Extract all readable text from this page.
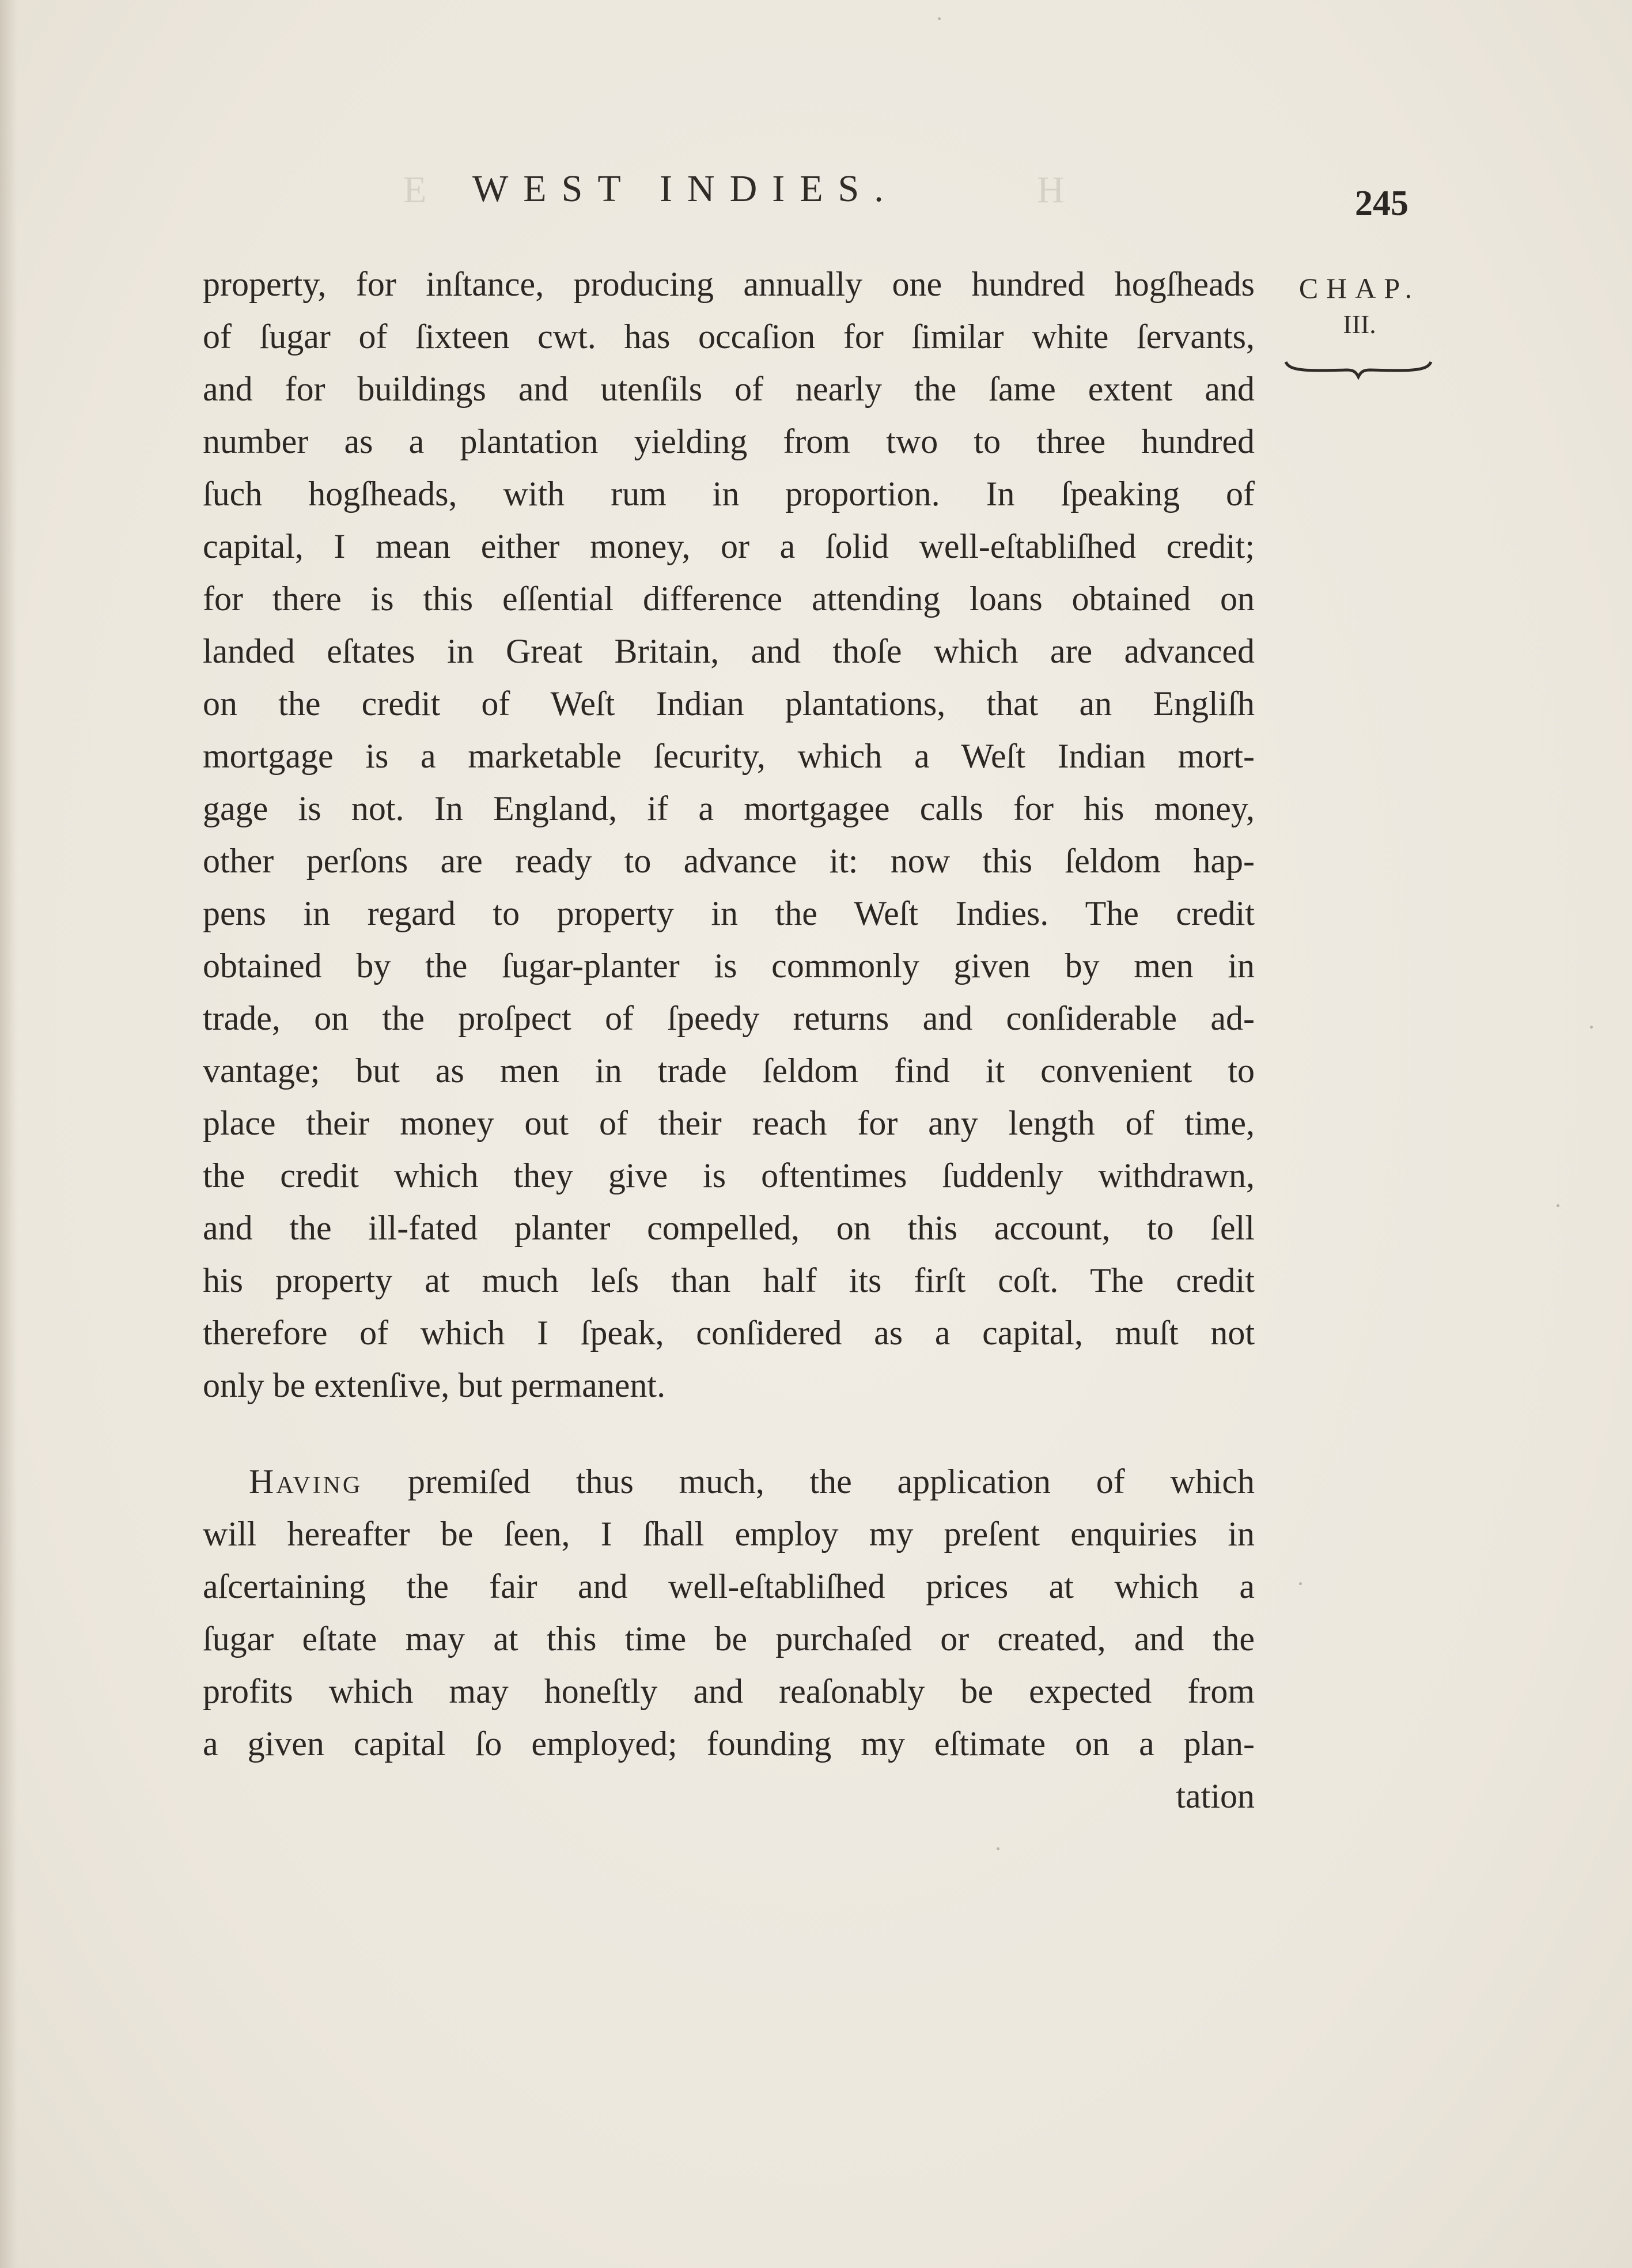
E	H
WEST INDIES.	245
CHAP.
III.
property, for inſtance, producing annually one hundred hogſheads
of ſugar of ſixteen cwt. has occaſion for ſimilar white ſervants,
and for buildings and utenſils of nearly the ſame extent and
number as a plantation yielding from two to three hundred
ſuch hogſheads, with rum in proportion. In ſpeaking of
capital, I mean either money, or a ſolid well-eſtabliſhed credit;
for there is this eſſential difference attending loans obtained on
landed eſtates in Great Britain, and thoſe which are advanced
on the credit of Weſt Indian plantations, that an Engliſh
mortgage is a marketable ſecurity, which a Weſt Indian mort-
gage is not. In England, if a mortgagee calls for his money,
other perſons are ready to advance it: now this ſeldom hap-
pens in regard to property in the Weſt Indies. The credit
obtained by the ſugar-planter is commonly given by men in
trade, on the proſpect of ſpeedy returns and conſiderable ad-
vantage; but as men in trade ſeldom find it convenient to
place their money out of their reach for any length of time,
the credit which they give is oftentimes ſuddenly withdrawn,
and the ill-fated planter compelled, on this account, to ſell
his property at much leſs than half its firſt coſt. The credit
therefore of which I ſpeak, conſidered as a capital, muſt not
only be extenſive, but permanent.
Having premiſed thus much, the application of which
will hereafter be ſeen, I ſhall employ my preſent enquiries in
aſcertaining the fair and well-eſtabliſhed prices at which a
ſugar eſtate may at this time be purchaſed or created, and the
profits which may honeſtly and reaſonably be expected from
a given capital ſo employed; founding my eſtimate on a plan-
tation
